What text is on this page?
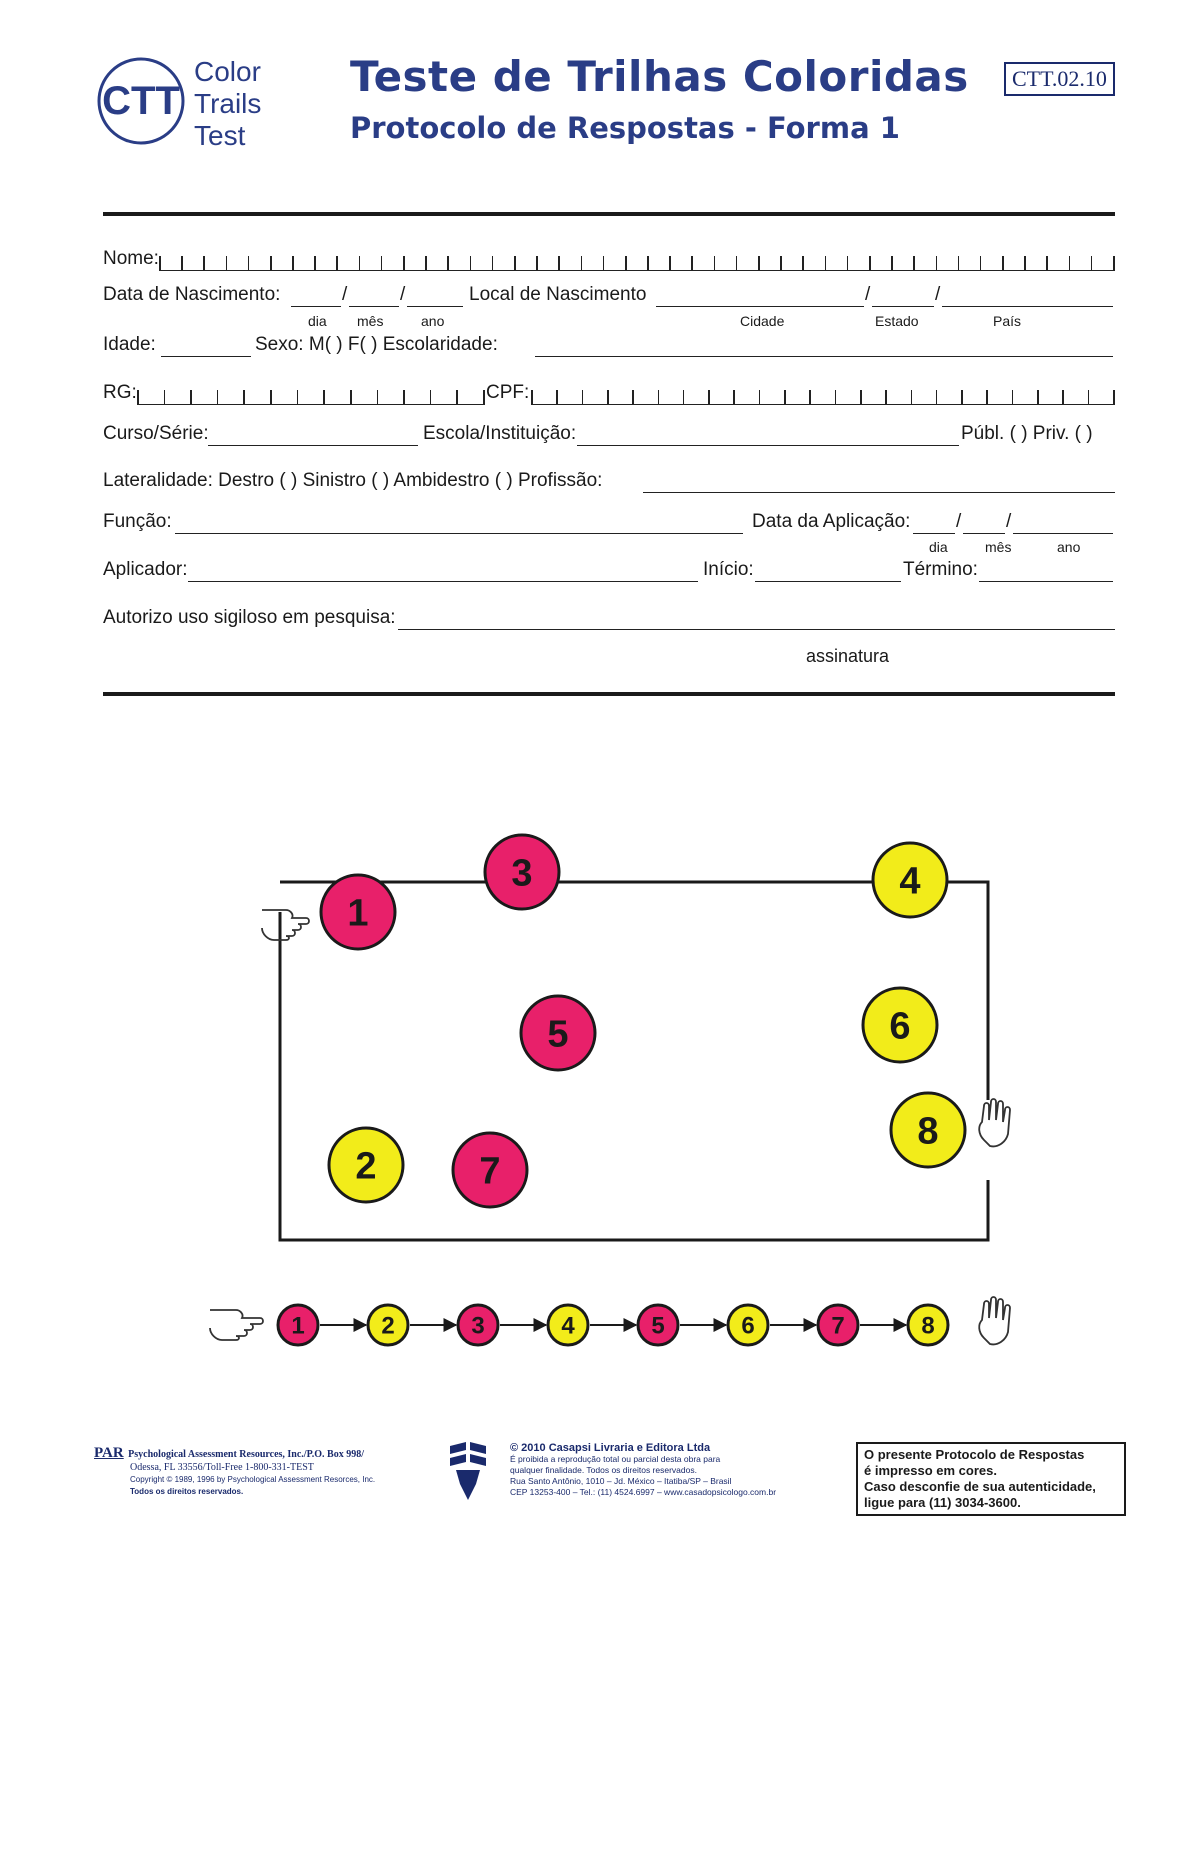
CTT
Color
Trails
Test
Teste de Trilhas Coloridas
Protocolo de Respostas - Forma 1
CTT.02.10
Nome:
Data de Nascimento:	/	/	Local de Nascimento	/	/
dia mês	ano	Cidade	Estado	País
Idade:	Sexo: M( ) F( ) Escolaridade:
RG:	CPF:
Curso/Série:	Escola/Instituição:	Públ. ( ) Priv. ( )
Lateralidade: Destro ( ) Sinistro ( ) Ambidestro ( ) Profissão:
Função:	Data da Aplicação: / /
dia	mês	ano
Aplicador:	Início:	Término:
Autorizo uso sigiloso em pesquisa:
assinatura
1
2
3	4
5	6
7
8
1	2	3	4	5	6	7	8
PAR Psychological Assessment Resources, Inc./P.O. Box 998/
Odessa, FL 33556/Toll-Free 1-800-331-TEST
Copyright © 1989, 1996 by Psychological Assessment Resorces, Inc.
Todos os direitos reservados.
© 2010 Casapsi Livraria e Editora Ltda
É proibida a reprodução total ou parcial desta obra para
qualquer finalidade. Todos os direitos reservados.
Rua Santo Antônio, 1010 – Jd. México – Itatiba/SP – Brasil
CEP 13253-400 – Tel.: (11) 4524.6997 – www.casadopsicologo.com.br
O presente Protocolo de Respostas
é impresso em cores.
Caso desconfie de sua autenticidade,
ligue para (11) 3034-3600.
